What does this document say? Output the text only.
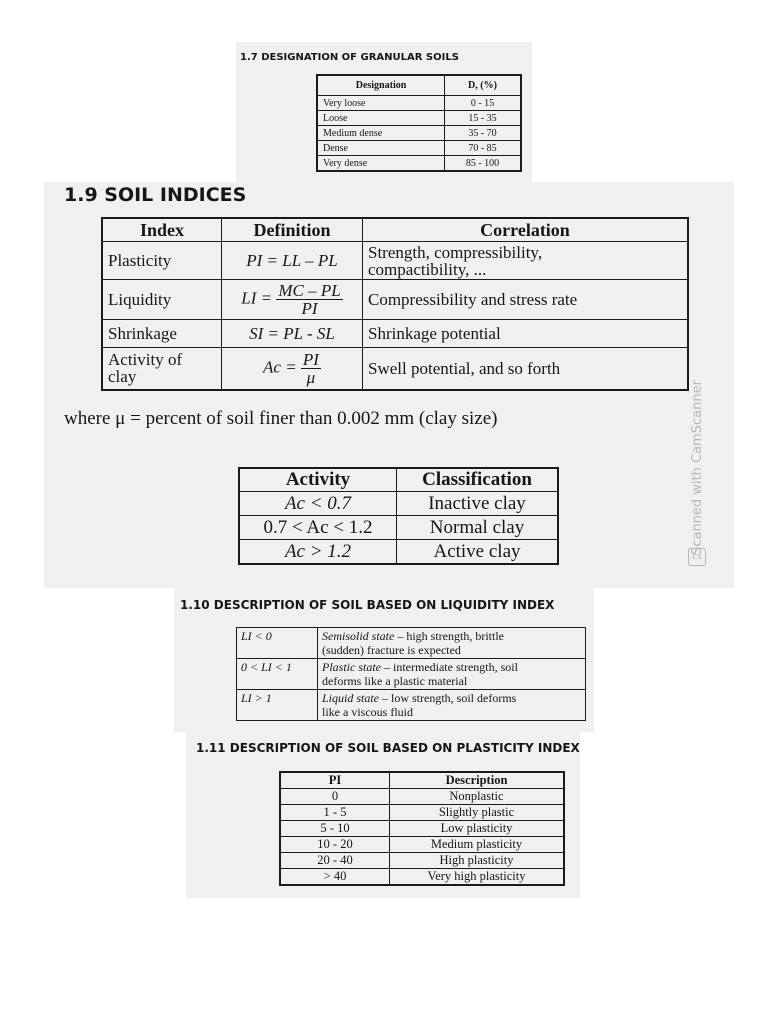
1.7 DESIGNATION OF GRANULAR SOILS
Designation	D, (%)
Very loose	0 - 15
Loose	15 - 35
Medium dense	35 - 70
Dense	70 - 85
Very dense	85 - 100
1.9 SOIL INDICES
Index	Definition	Correlation
Plasticity	PI = LL – PL	Strength, compressibility,
compactibility, ...
Liquidity	LI = $\frac{MC - PL}{PI}$	Compressibility and stress rate
Shrinkage	SI = PL - SL	Shrinkage potential
Activity of
clay	$Ac = \frac{PI}{\mu}$	Swell potential, and so forth
where μ = percent of soil finer than 0.002 mm (clay size)
Activity	Classification
Ac < 0.7	Inactive clay
0.7 < Ac < 1.2	Normal clay
Ac > 1.2	Active clay	Scanned with CamScanner
cs
1.10 DESCRIPTION OF SOIL BASED ON LIQUIDITY INDEX
LI < 0	Semisolid state – high strength, brittle
(sudden) fracture is expected
0 < LI < 1	Plastic state – intermediate strength, soil
deforms like a plastic material
LI > 1	Liquid state – low strength, soil deforms
like a viscous fluid
1.11 DESCRIPTION OF SOIL BASED ON PLASTICITY INDEX
PI	Description
0	Nonplastic
1 - 5	Slightly plastic
5 - 10	Low plasticity
10 - 20	Medium plasticity
20 - 40	High plasticity
> 40	Very high plasticity
